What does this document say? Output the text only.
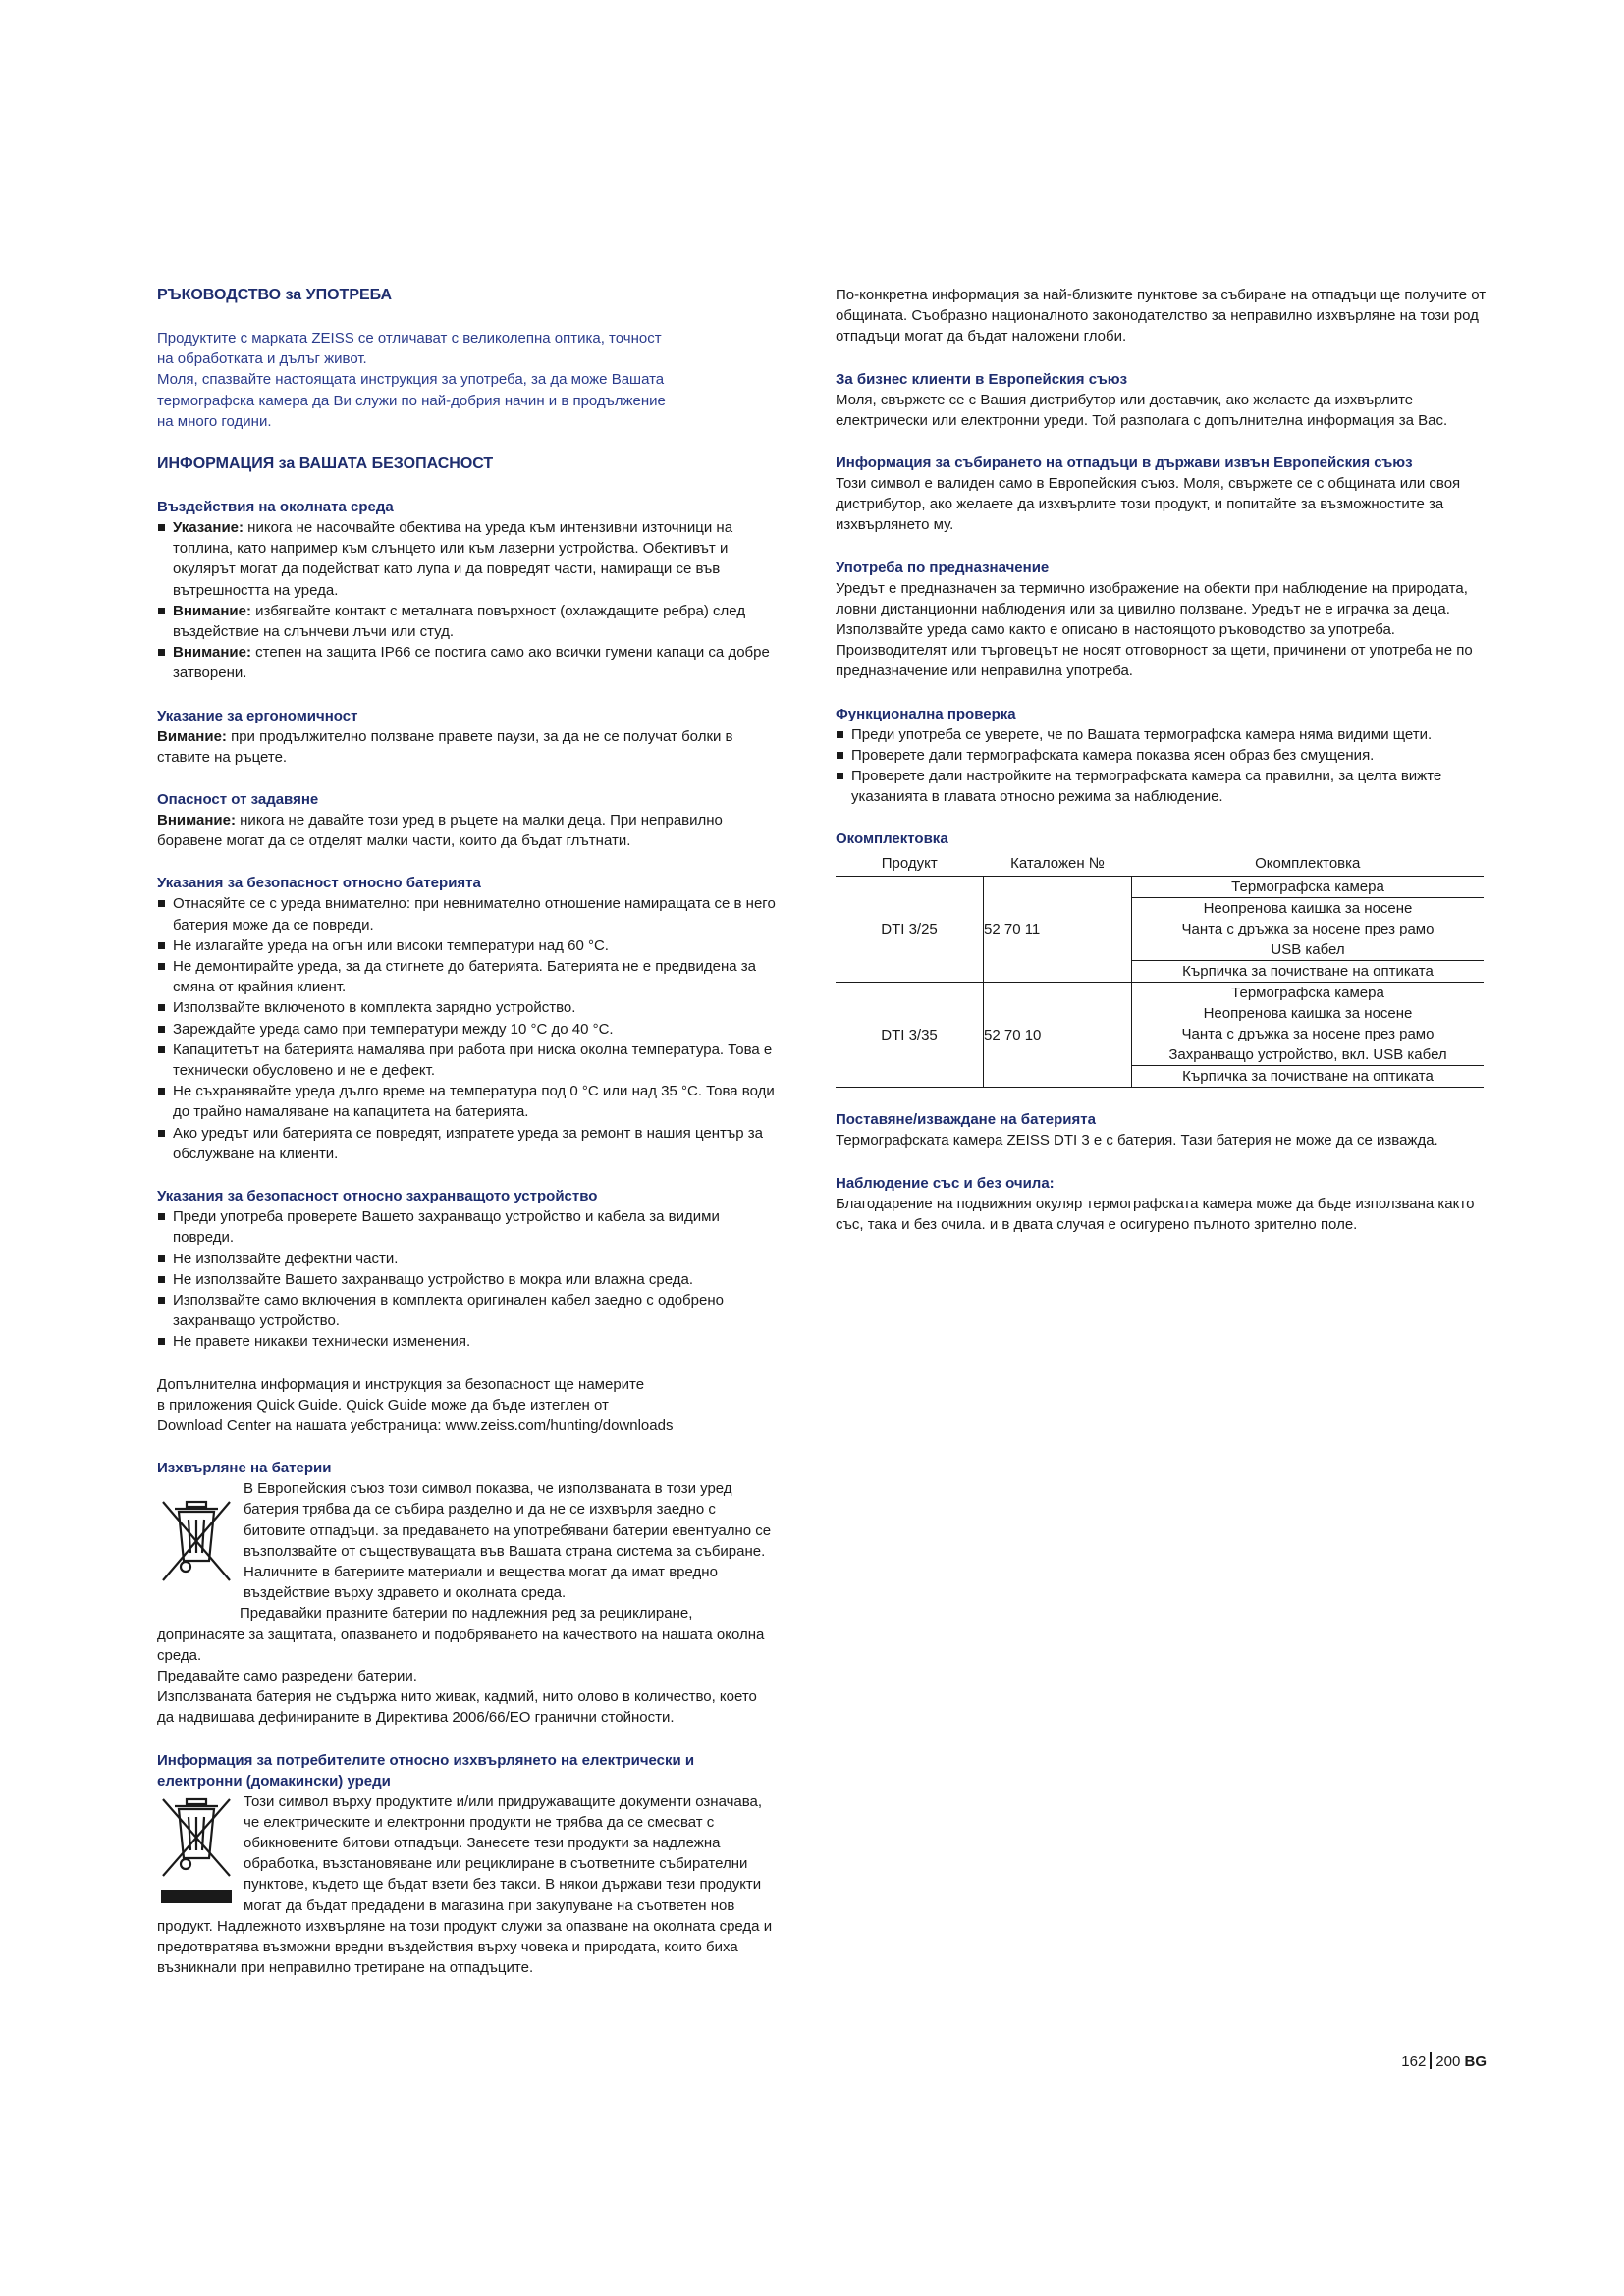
РЪКОВОДСТВО за УПОТРЕБА

Продуктите с марката ZEISS се отличават с великолепна оптика, точност

на обработката и дълъг живот.

Моля, спазвайте настоящата инструкция за употреба, за да може Вашата

термографска камера да Ви служи по най-добрия начин и в продължение

на много години.

ИНФОРМАЦИЯ за ВАШАТА БЕЗОПАСНОСТ

Въздействия на околната среда

Указание: никога не насочвайте обектива на уреда към интензивни източници на топлина, като например към слънцето или към лазерни устройства. Обективът и окулярът могат да подействат като лупа и да повредят части, намиращи се във вътрешността на уреда.
Внимание: избягвайте контакт с металната повърхност (охлаждащите ребра) след въздействие на слънчеви лъчи или студ.
Внимание: степен на защита IP66 се постига само ако всички гумени капаци са добре затворени.

Указание за ергономичност

Вимание: при продължително ползване правете паузи, за да не се получат болки в ставите на ръцете.

Опасност от задавяне

Внимание: никога не давайте този уред в ръцете на малки деца. При неправилно боравене могат да се отделят малки части, които да бъдат глътнати.

Указания за безопасност относно батерията

Отнасяйте се с уреда внимателно: при невнимателно отношение намиращата се в него батерия може да се повреди.
Не излагайте уреда на огън или високи температури над 60 °C.
Не демонтирайте уреда, за да стигнете до батерията. Батерията не е предвидена за смяна от крайния клиент.
Използвайте включеното в комплекта зарядно устройство.
Зареждайте уреда само при температури между 10 °C до 40 °C.
Капацитетът на батерията намалява при работа при ниска околна температура. Това е технически обусловено и не е дефект.
Не съхранявайте уреда дълго време на температура под 0 °C или над 35 °C. Това води до трайно намаляване на капацитета на батерията.
Ако уредът или батерията се повредят, изпратете уреда за ремонт в нашия център за обслужване на клиенти.

Указания за безопасност относно захранващото устройство

Преди употреба проверете Вашето захранващо устройство и кабела за видими повреди.
Не използвайте дефектни части.
Не използвайте Вашето захранващо устройство в мокра или влажна среда.
Използвайте само включения в комплекта оригинален кабел заедно с одобрено захранващо устройство.
Не правете никакви технически изменения.

Допълнителна информация и инструкция за безопасност ще намерите

в приложения Quick Guide. Quick Guide може да бъде изтеглен от

Download Center на нашата уебстраница: www.zeiss.com/hunting/downloads

Изхвърляне на батерии

В Европейския съюз този символ показва, че използваната в този уред батерия трябва да се събира разделно и да не се изхвърля заедно с битовите отпадъци. за предаването на употребявани батерии евентуално се възползвайте от съществуващата във Вашата страна система за събиране.

Наличните в батериите материали и вещества могат да имат вредно въздействие върху здравето и околната среда.

Предавайки празните батерии по надлежния ред за рециклиране, допринасяте за защитата, опазването и подобряването на качеството на нашата околна среда.

Предавайте само разредени батерии.

Използваната батерия не съдържа нито живак, кадмий, нито олово в количество, което да надвишава дефинираните в Директива 2006/66/EO гранични стойности.

Информация за потребителите относно изхвърлянето на електрически и електронни (домакински) уреди

Този символ върху продуктите и/или придружаващите документи означава, че електрическите и електронни продукти не трябва да се смесват с обикновените битови отпадъци. Занесете тези продукти за надлежна обработка, възстановяване или рециклиране в съответните събирателни пунктове, където ще бъдат взети без такси. В някои държави тези продукти могат да бъдат предадени в магазина при закупуване на съответен нов продукт. Надлежното изхвърляне на този продукт служи за опазване на околната среда и предотвратява възможни вредни въздействия върху човека и природата, които биха възникнали при неправилно третиране на отпадъците.

По-конкретна информация за най-близките пунктове за събиране на отпадъци ще получите от общината. Съобразно националното законодателство за неправилно изхвърляне на този род отпадъци могат да бъдат наложени глоби.

За бизнес клиенти в Европейския съюз

Моля, свържете се с Вашия дистрибутор или доставчик, ако желаете да изхвърлите електрически или електронни уреди. Той разполага с допълнителна информация за Вас.

Информация за събирането на отпадъци в държави извън Европейския съюз

Този символ е валиден само в Европейския съюз. Моля, свържете се с общината или своя дистрибутор, ако желаете да изхвърлите този продукт, и попитайте за възможностите за изхвърлянето му.

Употреба по предназначение

Уредът е предназначен за термично изображение на обекти при наблюдение на природата, ловни дистанционни наблюдения или за цивилно ползване. Уредът не е играчка за деца. Използвайте уреда само както е описано в настоящото ръководство за употреба. Производителят или търговецът не носят отговорност за щети, причинени от употреба не по предназначение или неправилна употреба.

Функционална проверка

Преди употреба се уверете, че по Вашата термографска камера няма видими щети.
Проверете дали термографската камера показва ясен образ без смущения.
Проверете дали настройките на термографската камера са правилни, за целта вижте указанията в главата относно режима за наблюдение.

Окомплектовка

Продукт	Каталожен №	Окомплектовка
DTI 3/25	52 70 11	Термографска камера
Неопренова каишка за носене
Чанта с дръжка за носене през рамо
USB кабел
Кърпичка за почистване на оптиката

DTI 3/35	52 70 10	Термографска камера
Неопренова каишка за носене
Чанта с дръжка за носене през рамо
Захранващо устройство, вкл. USB кабел
Кърпичка за почистване на оптиката

Поставяне/изваждане на батерията

Термографската камера ZEISS DTI 3 е с батерия. Тази батерия не може да се изважда.

Наблюдение със и без очила:

Благодарение на подвижния окуляр термографската камера може да бъде използвана както със, така и без очила. и в двата случая е осигурено пълното зрително поле.

162 200 BG
